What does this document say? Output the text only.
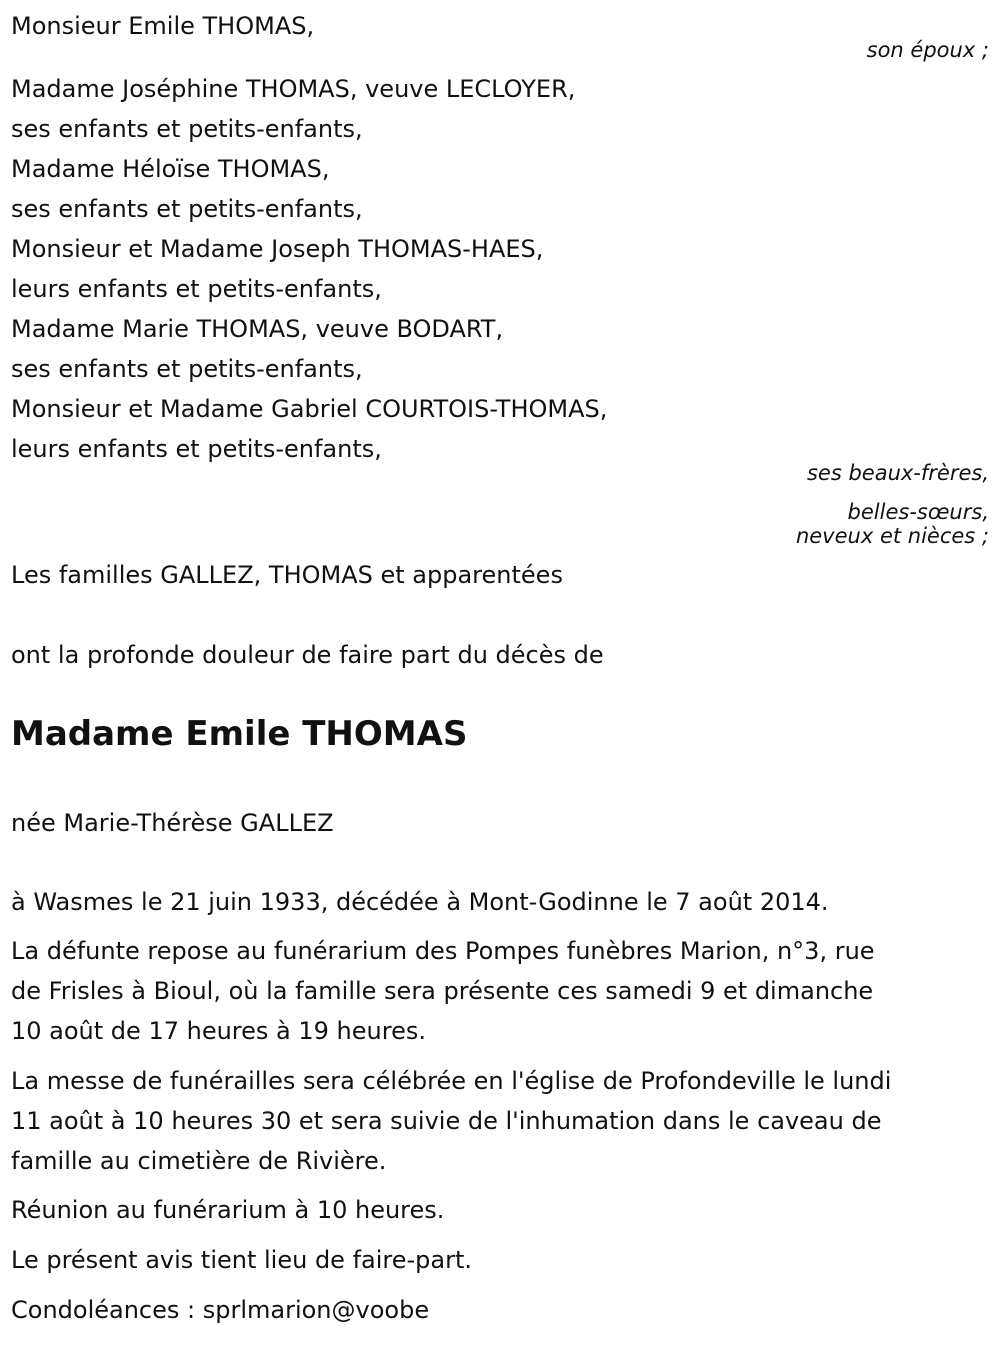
Monsieur Emile THOMAS,
son époux ;
Madame Joséphine THOMAS, veuve LECLOYER,
ses enfants et petits-enfants,
Madame Héloïse THOMAS,
ses enfants et petits-enfants,
Monsieur et Madame Joseph THOMAS-HAES,
leurs enfants et petits-enfants,
Madame Marie THOMAS, veuve BODART,
ses enfants et petits-enfants,
Monsieur et Madame Gabriel COURTOIS-THOMAS,
leurs enfants et petits-enfants,
ses beaux-frères,
belles-sœurs,
neveux et nièces ;
Les familles GALLEZ, THOMAS et apparentées
ont la profonde douleur de faire part du décès de
Madame Emile THOMAS
née Marie-Thérèse GALLEZ
à Wasmes le 21 juin 1933, décédée à Mont-Godinne le 7 août 2014.
La défunte repose au funérarium des Pompes funèbres Marion, n°3, rue
de Frisles à Bioul, où la famille sera présente ces samedi 9 et dimanche
10 août de 17 heures à 19 heures.
La messe de funérailles sera célébrée en l'église de Profondeville le lundi
11 août à 10 heures 30 et sera suivie de l'inhumation dans le caveau de
famille au cimetière de Rivière.
Réunion au funérarium à 10 heures.
Le présent avis tient lieu de faire-part.
Condoléances : sprlmarion@voobe
